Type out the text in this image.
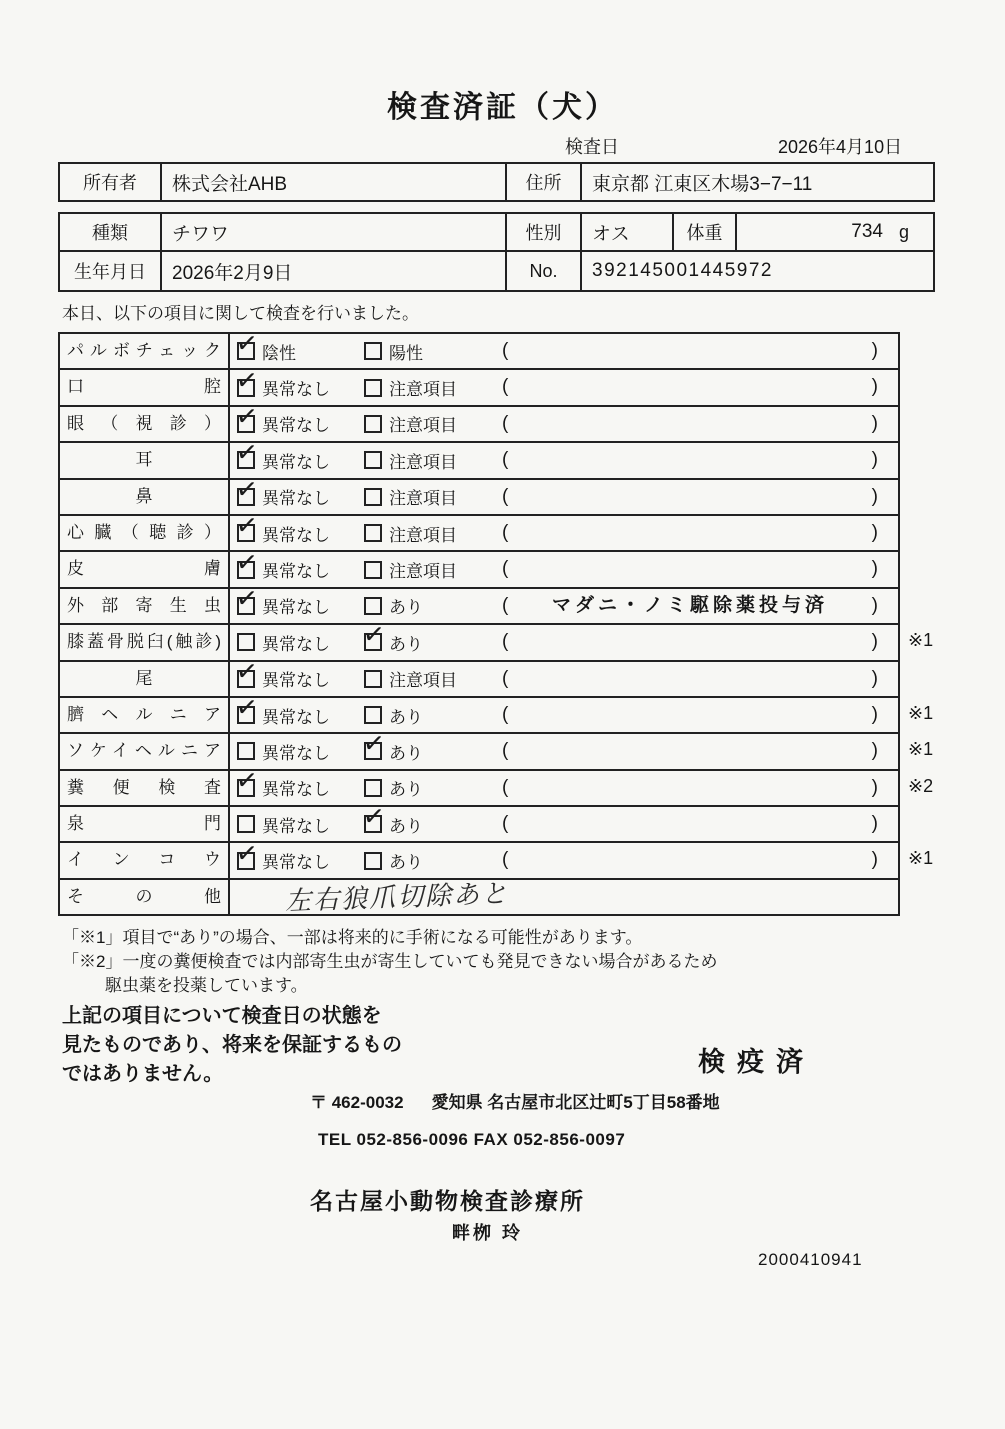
検査済証（犬）
検査日	2026年4月10日
所有者	株式会社AHB	住所	東京都 江東区木場3−7−11
種類	チワワ	性別	オス	体重	734 g
生年月日	2026年2月9日	No.	392145001445972
本日、以下の項目に関して検査を行いました。
パルボチェック ✓	陰性	陽性	(	)
口腔 ✓	異常なし	注意項目 (	)
眼（視診） ✓	異常なし	注意項目 (	)
耳 ✓	異常なし	注意項目 (	)
鼻 ✓	異常なし	注意項目 (	)
心臓（聴診） ✓	異常なし	注意項目 (	)
皮膚 ✓	異常なし	注意項目 (	)
外部寄生虫 ✓	異常なし	あり	(	マダニ・ノミ駆除薬投与済	)
膝蓋骨脱臼(触診)	異常なし ✓	あり	(	) ※1
尾 ✓	異常なし	注意項目 (	)
臍ヘルニア ✓	異常なし	あり	(	) ※1
ソケイヘルニア	異常なし ✓	あり	(	) ※1
糞便検査 ✓	異常なし	あり	(	) ※2
泉門	異常なし ✓	あり	(	)
インコウ ✓	異常なし	あり	(	) ※1
その他	左右狼爪切除あと
「※1」項目で“あり”の場合、一部は将来的に手術になる可能性があります。
「※2」一度の糞便検査では内部寄生虫が寄生していても発見できない場合があるため
駆虫薬を投薬しています。
上記の項目について検査日の状態を
見たものであり、将来を保証するもの
ではありません。	検疫済
〒 462-0032 愛知県 名古屋市北区辻町5丁目58番地
TEL 052-856-0096 FAX 052-856-0097
名古屋小動物検査診療所
畔栁 玲
2000410941
